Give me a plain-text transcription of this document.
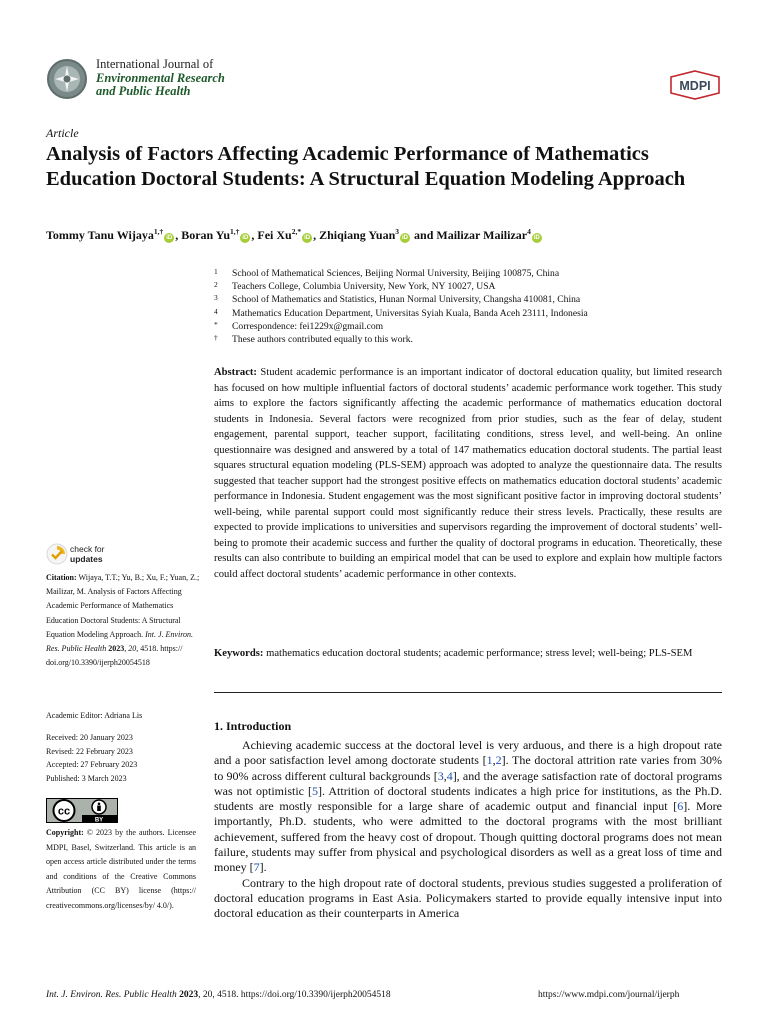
International Journal of
Environmental Research
and Public Health	MDPI
Article
Analysis of Factors Affecting Academic Performance of Mathematics Education Doctoral Students: A Structural Equation Modeling Approach
Tommy Tanu Wijaya$^{1,\dagger}$iD , Boran $Yu^{1,\dagger}iD$ , Fei $Xu^{2,*}iD$ , Zhiqiang Yuan$^3$iD and Mailizar Mailizar$^4$iD
1 School of Mathematical Sciences, Beijing Normal University, Beijing 100875, China
2 Teachers College, Columbia University, New York, NY 10027, USA
3 School of Mathematics and Statistics, Hunan Normal University, Changsha 410081, China
4 Mathematics Education Department, Universitas Syiah Kuala, Banda Aceh 23111, Indonesia
* Correspondence: fei1229x@gmail.com
† These authors contributed equally to this work.
Abstract: Student academic performance is an important indicator of doctoral education quality, but limited research has focused on how multiple influential factors of doctoral students’ academic performance work together. This study aims to explore the factors significantly affecting the academic performance of mathematics education doctoral students in Indonesia. Several factors were recognized from prior studies, such as the fear of delay, student engagement, parental support, teacher support, facilitating conditions, stress level, and well-being. An online questionnaire was designed and answered by a total of 147 mathematics education doctoral students. The partial least squares structural equation modeling (PLS-SEM) approach was adopted to analyze the questionnaire data. The results suggested that teacher support had the strongest positive effects on mathematics education doctoral students’ academic performance in Indonesia. Student engagement was the most significant positive factor in improving doctoral students’ well-being, while parental support could most significantly reduce their stress levels. Practically, these results are expected to provide implications to universities and supervisors regarding the improvement of doctoral students’ well-being to promote their academic success and further the quality of doctoral programs in education. Theoretically, these results can also contribute to building an empirical model that can be used to explore and explain how multiple factors could affect doctoral students’ academic performance in other contexts.
Keywords: mathematics education doctoral students; academic performance; stress level; well-being; PLS-SEM
check for
updates
Citation: Wijaya, T.T.; Yu, B.; Xu, F.; Yuan, Z.; Mailizar, M. Analysis of Factors Affecting Academic Performance of Mathematics Education Doctoral Students: A Structural Equation Modeling Approach. Int. J. Environ. Res. Public Health 2023, 20, 4518. https:// doi.org/10.3390/ijerph20054518
Academic Editor: Adriana Lis
Received: 20 January 2023
Revised: 22 February 2023
Accepted: 27 February 2023
Published: 3 March 2023
cc
BY
Copyright: © 2023 by the authors. Licensee MDPI, Basel, Switzerland. This article is an open access article distributed under the terms and conditions of the Creative Commons Attribution (CC BY) license (https:// creativecommons.org/licenses/by/ 4.0/).
1. Introduction

Achieving academic success at the doctoral level is very arduous, and there is a high dropout rate and a poor satisfaction level among doctorate students [1,2]. The doctoral attrition rate varies from 30% to 90% across different cultural backgrounds [3,4], and the average satisfaction rate of doctoral programs was not optimistic [5]. Attrition of doctoral students indicates a high price for institutions, as the Ph.D. students are mostly responsible for a large share of academic output and financial input [6]. More importantly, Ph.D. students, who were admitted to the doctoral programs with the most brilliant achievement, suffered from the heavy cost of dropout. Though quitting doctoral programs does not mean failure, students may suffer from physical and psychological disorders as well as a great loss of time and money [7].

Contrary to the high dropout rate of doctoral students, previous studies suggested a proliferation of doctoral education programs in East Asia. Policymakers started to provide equally intensive input into doctoral education as their counterparts in America

Int. J. Environ. Res. Public Health 2023, 20, 4518. https://doi.org/10.3390/ijerph20054518	https://www.mdpi.com/journal/ijerph
